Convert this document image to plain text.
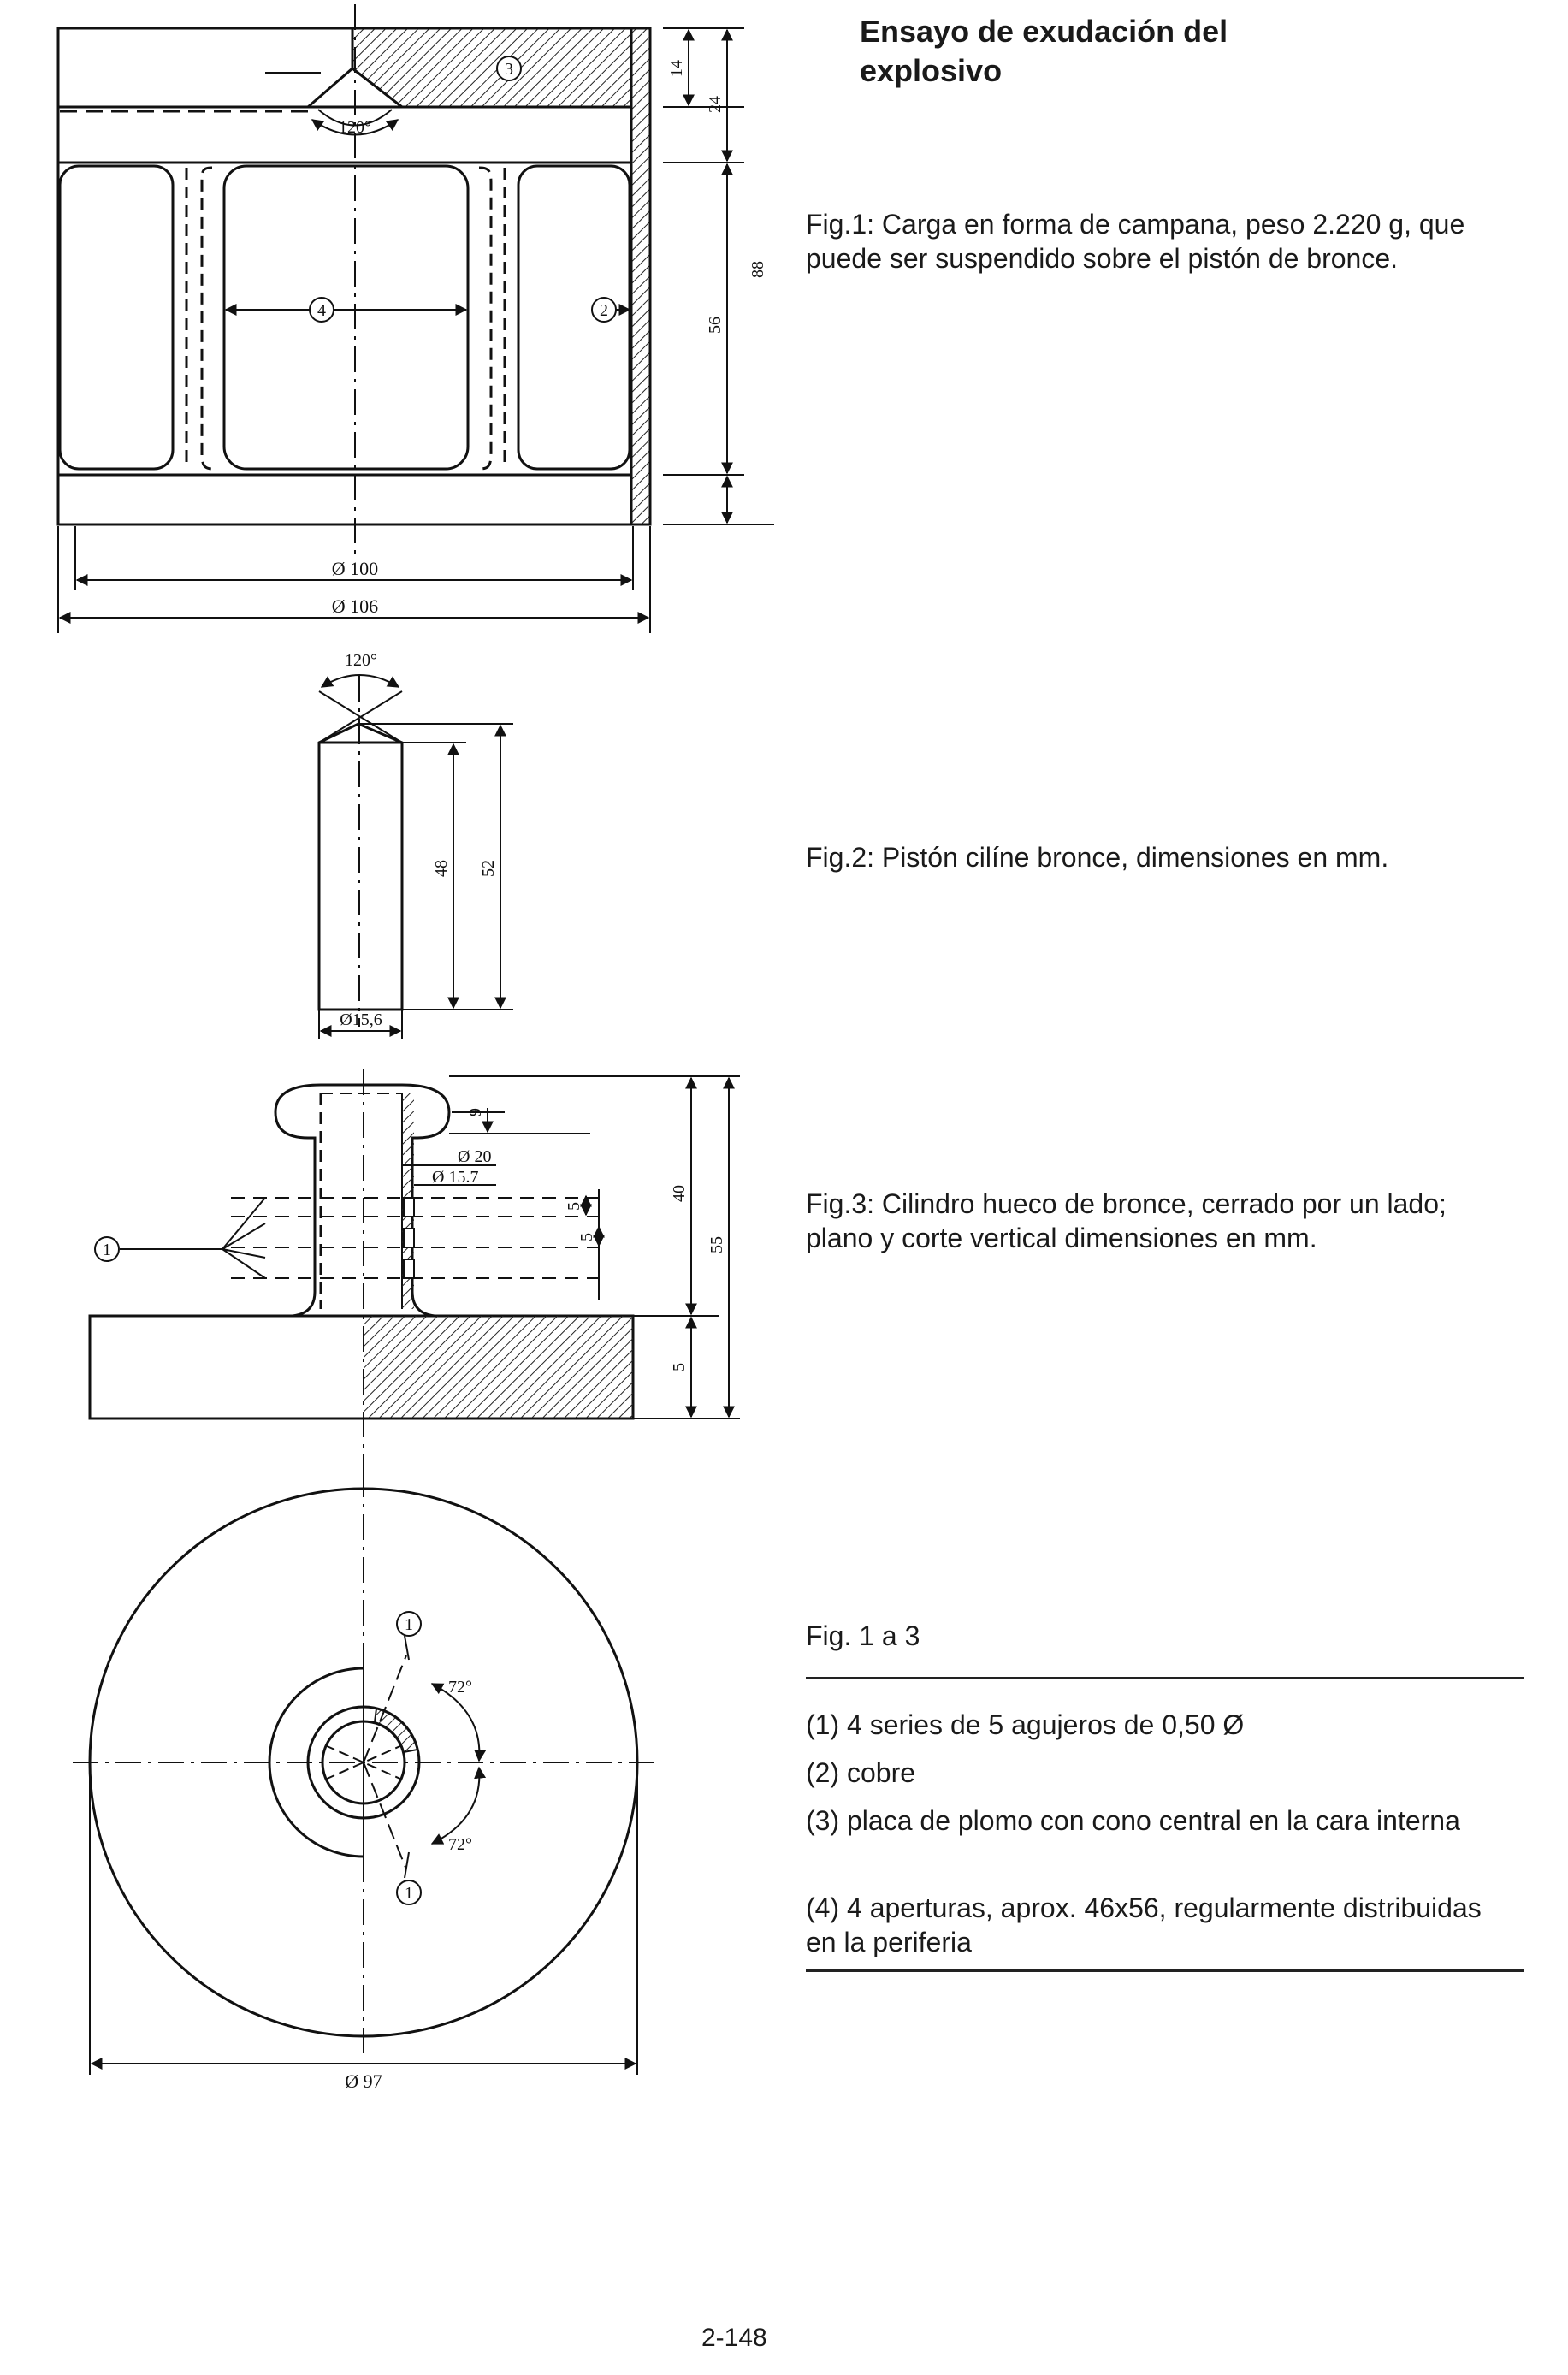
3
4	2
120°
Ø 100
Ø 106
14
24
56
88
120°
48 52
Ø15,6
1
9
Ø 20
Ø 15.7
5
5
40
55
5
1
1
72°
72°
Ø 97
Ensayo de exudación del explosivo
Fig.1: Carga en forma de campana, peso 2.220 g, que puede ser suspendido sobre el pistón de bronce.
Fig.2: Pistón cilíne bronce, dimensiones en mm.
Fig.3: Cilindro hueco de bronce, cerrado por un lado; plano y corte vertical dimensiones en mm.
Fig. 1 a 3
(1) 4 series de 5 agujeros de 0,50 Ø
(2) cobre
(3) placa de plomo con cono central en la cara interna
(4) 4 aperturas, aprox. 46x56, regularmente distribuidas en la periferia
2-148
